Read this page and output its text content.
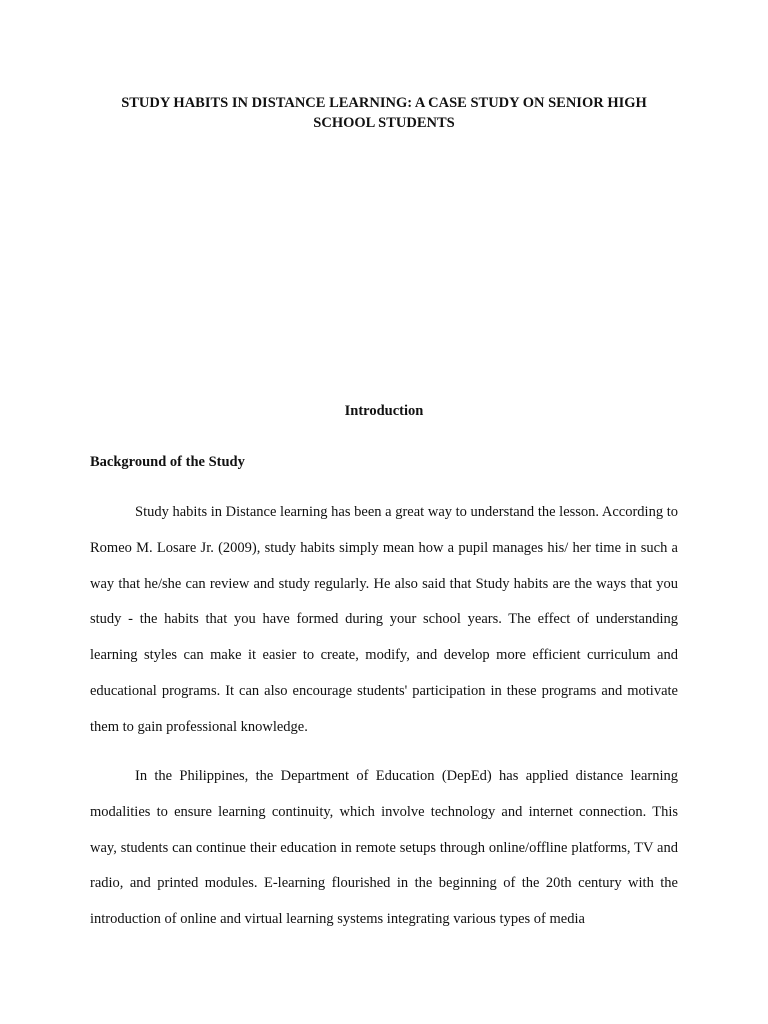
STUDY HABITS IN DISTANCE LEARNING: A CASE STUDY ON SENIOR HIGH SCHOOL STUDENTS
Introduction
Background of the Study

Study habits in Distance learning has been a great way to understand the lesson. According to Romeo M. Losare Jr. (2009), study habits simply mean how a pupil manages his/ her time in such a way that he/she can review and study regularly. He also said that Study habits are the ways that you study - the habits that you have formed during your school years. The effect of understanding learning styles can make it easier to create, modify, and develop more efficient curriculum and educational programs. It can also encourage students' participation in these programs and motivate them to gain professional knowledge.

In the Philippines, the Department of Education (DepEd) has applied distance learning modalities to ensure learning continuity, which involve technology and internet connection. This way, students can continue their education in remote setups through online/offline platforms, TV and radio, and printed modules. E-learning flourished in the beginning of the 20th century with the introduction of online and virtual learning systems integrating various types of media
